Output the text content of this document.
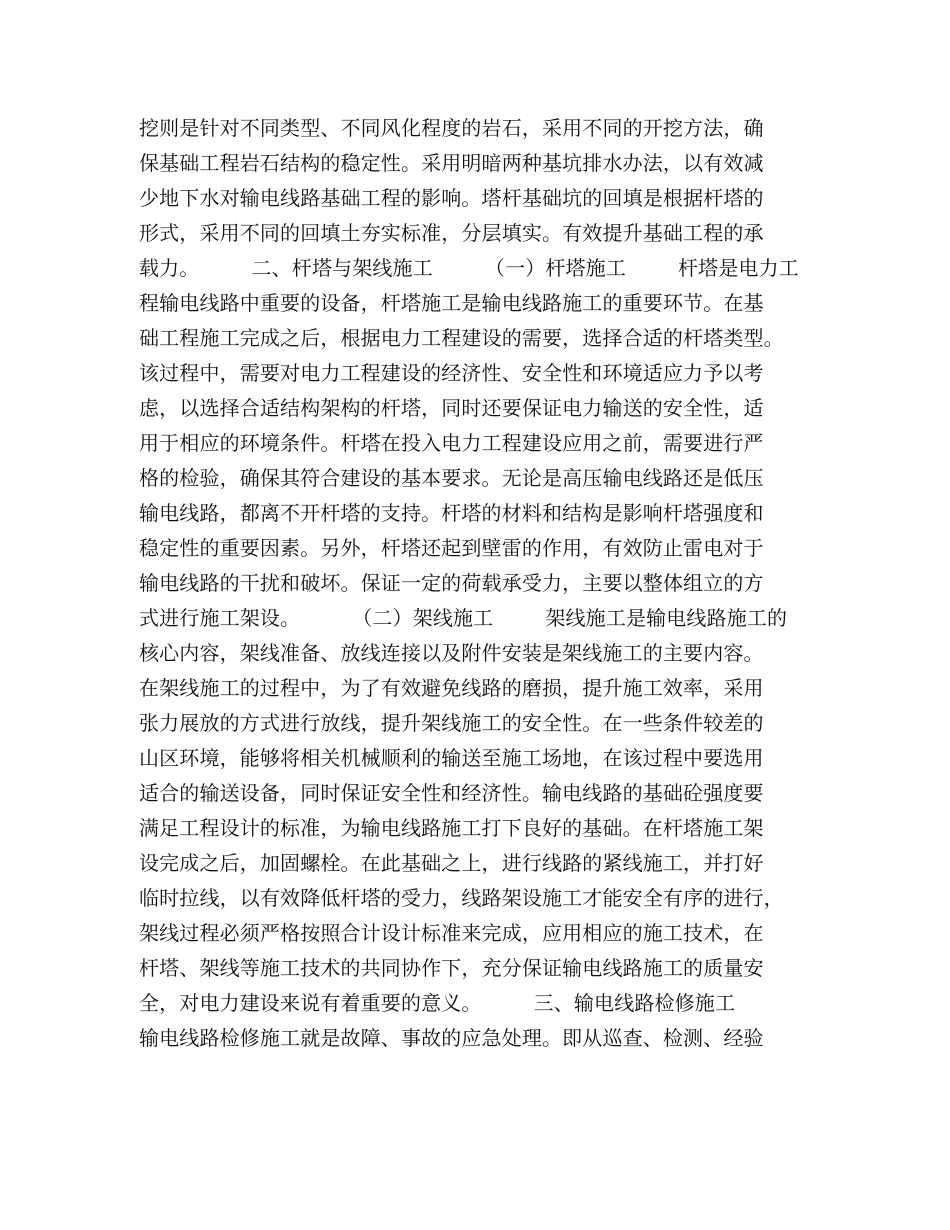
挖则是针对不同类型、不同风化程度的岩石，采用不同的开挖方法，确
保基础工程岩石结构的稳定性。采用明暗两种基坑排水办法，以有效减
少地下水对输电线路基础工程的影响。塔杆基础坑的回填是根据杆塔的
形式，采用不同的回填土夯实标准，分层填实。有效提升基础工程的承
载力。        二、杆塔与架线施工        （一）杆塔施工        杆塔是电力工
程输电线路中重要的设备，杆塔施工是输电线路施工的重要环节。在基
础工程施工完成之后，根据电力工程建设的需要，选择合适的杆塔类型。
该过程中，需要对电力工程建设的经济性、安全性和环境适应力予以考
虑，以选择合适结构架构的杆塔，同时还要保证电力输送的安全性，适
用于相应的环境条件。杆塔在投入电力工程建设应用之前，需要进行严
格的检验，确保其符合建设的基本要求。无论是高压输电线路还是低压
输电线路，都离不开杆塔的支持。杆塔的材料和结构是影响杆塔强度和
稳定性的重要因素。另外，杆塔还起到壁雷的作用，有效防止雷电对于
输电线路的干扰和破坏。保证一定的荷载承受力，主要以整体组立的方
式进行施工架设。        （二）架线施工        架线施工是输电线路施工的
核心内容，架线准备、放线连接以及附件安装是架线施工的主要内容。
在架线施工的过程中，为了有效避免线路的磨损，提升施工效率，采用
张力展放的方式进行放线，提升架线施工的安全性。在一些条件较差的
山区环境，能够将相关机械顺利的输送至施工场地，在该过程中要选用
适合的输送设备，同时保证安全性和经济性。输电线路的基础砼强度要
满足工程设计的标准，为输电线路施工打下良好的基础。在杆塔施工架
设完成之后，加固螺栓。在此基础之上，进行线路的紧线施工，并打好
临时拉线，以有效降低杆塔的受力，线路架设施工才能安全有序的进行，
架线过程必须严格按照合计设计标准来完成，应用相应的施工技术，在
杆塔、架线等施工技术的共同协作下，充分保证输电线路施工的质量安
全，对电力建设来说有着重要的意义。        三、输电线路检修施工
输电线路检修施工就是故障、事故的应急处理。即从巡查、检测、经验
